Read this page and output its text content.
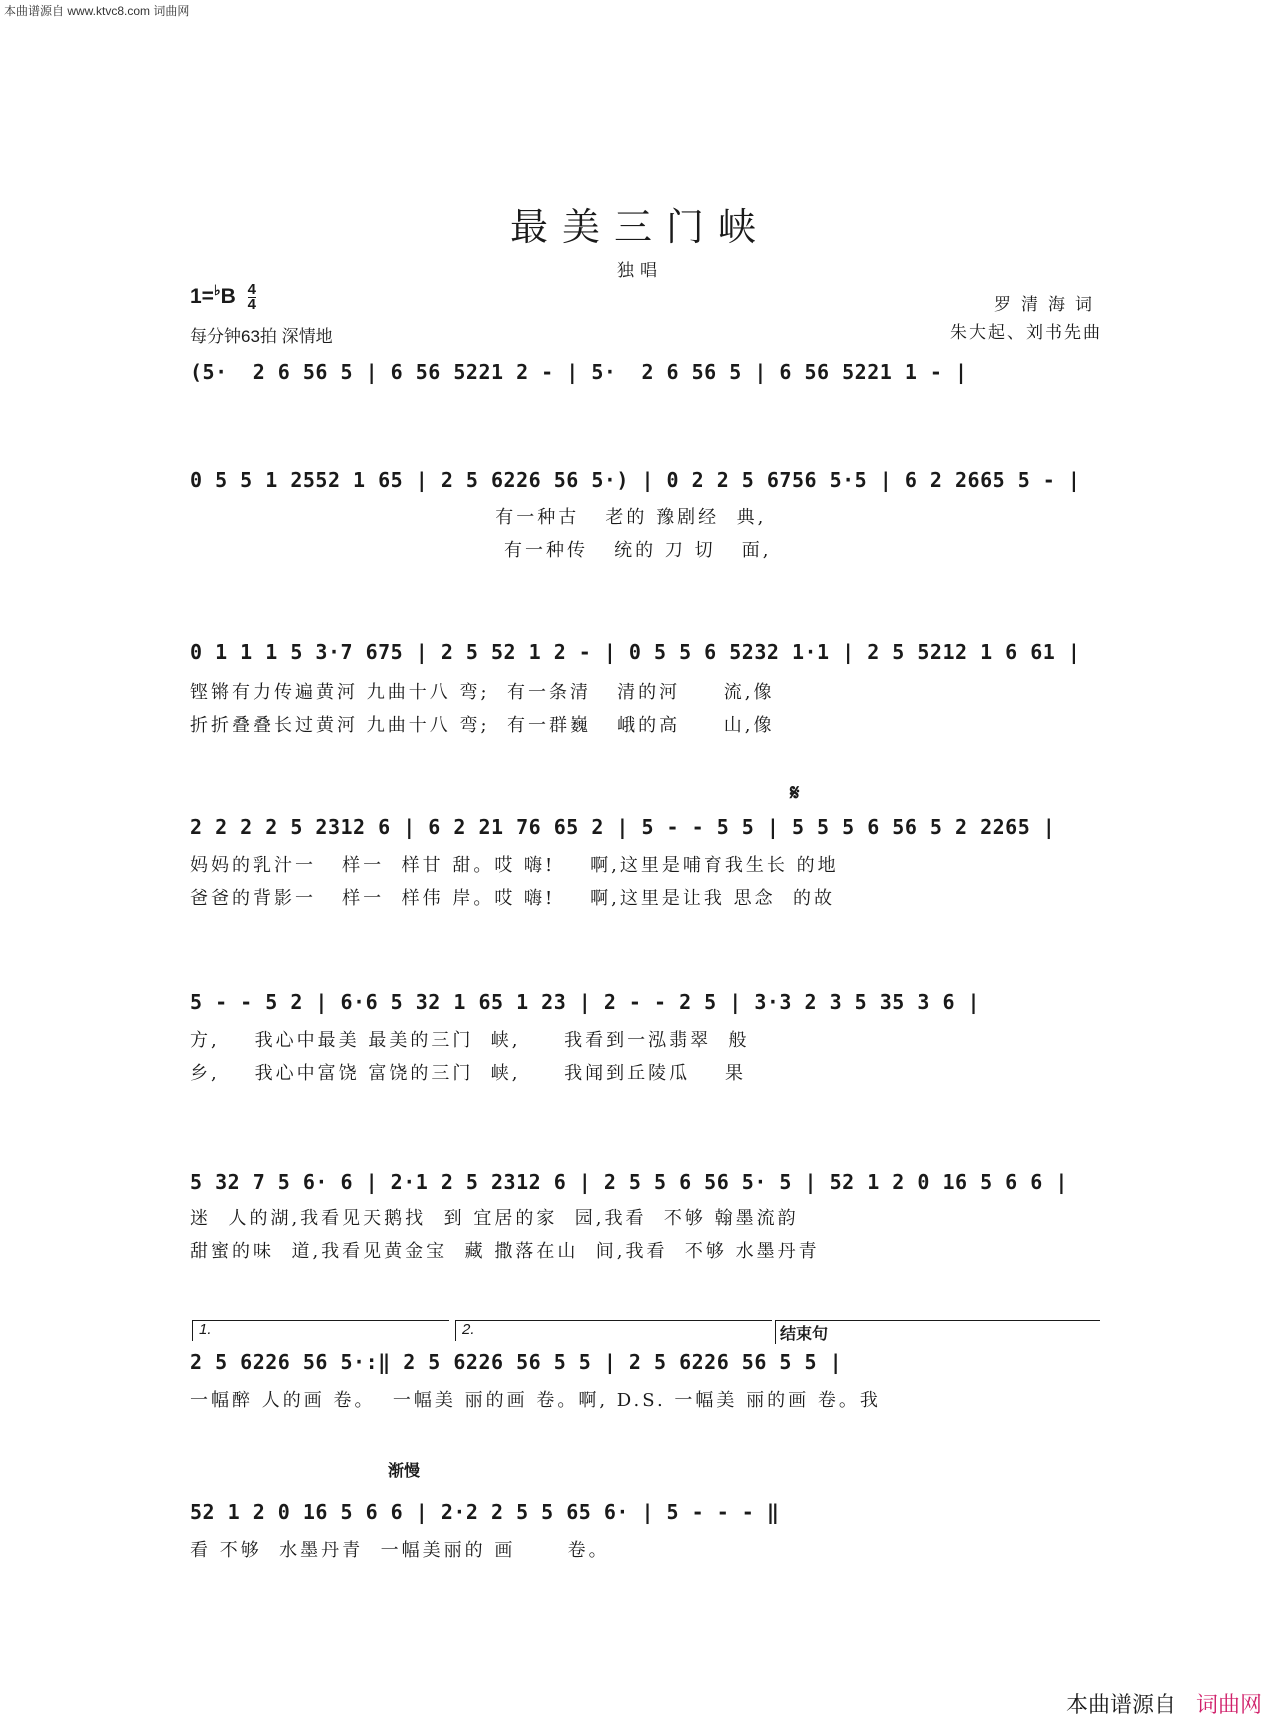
本曲谱源自 www.ktvc8.com 词曲网
最美三门峡
独唱
$1=^♭B \frac{4}{4}$
每分钟63拍 深情地
罗清海词
朱大起、刘书先曲
(5·  2 6 56 5 | 6 56 5221 2 - | 5·  2 6 56 5 | 6 56 5221 1 - |
0 5 5 1 2552 1 65 | 2 5 6226 56 5·) | 0 2 2 5 6756 5·5 | 6 2 2665 5 - |
有一种古   老的 豫剧经  典,
有一种传   统的 刀 切   面,
0 1 1 1 5 3·7 675 | 2 5 52 1 2 - | 0 5 5 6 5232 1·1 | 2 5 5212 1 6 61 |
铿锵有力传遍黄河 九曲十八 弯;  有一条清   清的河     流,像
折折叠叠长过黄河 九曲十八 弯;  有一群巍   峨的高     山,像
𝄋
2 2 2 2 5 2312 6 | 6 2 21 76 65 2 | 5 - - 5 5 | 5 5 5 6 56 5 2 2265 |
妈妈的乳汁一   样一  样甘 甜。哎 嗨!    啊,这里是哺育我生长 的地
爸爸的背影一   样一  样伟 岸。哎 嗨!    啊,这里是让我 思念  的故
5 - - 5 2 | 6·6 5 32 1 65 1 23 | 2 - - 2 5 | 3·3 2 3 5 35 3 6 |
方,    我心中最美 最美的三门  峡,     我看到一泓翡翠  般
乡,    我心中富饶 富饶的三门  峡,     我闻到丘陵瓜    果
5 32 7 5 6· 6 | 2·1 2 5 2312 6 | 2 5 5 6 56 5· 5 | 52 1 2 0 16 5 6 6 |
迷  人的湖,我看见天鹅找  到 宜居的家  园,我看  不够 翰墨流韵
甜蜜的味  道,我看见黄金宝  藏 撒落在山  间,我看  不够 水墨丹青
1.	2.	结束句
2 5 6226 56 5·:‖ 2 5 6226 56 5 5 | 2 5 6226 56 5 5 |
一幅醉 人的画 卷。  一幅美 丽的画 卷。啊, D.S. 一幅美 丽的画 卷。我
渐慢
52 1 2 0 16 5 6 6 | 2·2 2 5 5 65 6· | 5 - - - ‖
看 不够  水墨丹青  一幅美丽的 画      卷。
本曲谱源自 词曲网
